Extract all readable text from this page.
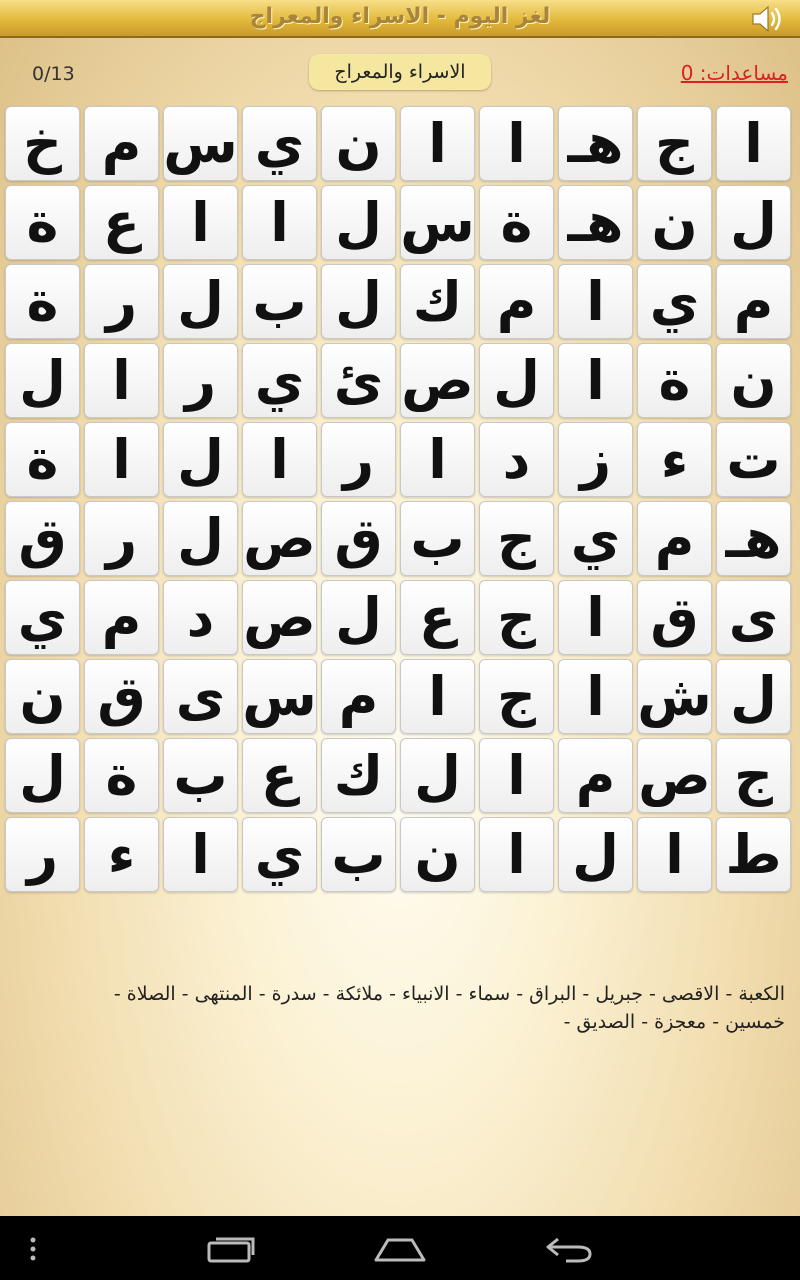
لغز اليوم - الاسراء والمعراج
0/13	الاسراء والمعراج	مساعدات: 0
خ م س ي ن ا	ا هـ ج ا
ة ع ا	ا ل س ة هـ ن ل
ة ر ل ب ل ك م ا ي م
ل ا	ر ي ئ ص ل ا ة ن
ة ا ل ا	ر	ا	د ز ء ت
ق ر ل ص ق ب ج ي م هـ
ي م د ص ل ع ج ا ق ى
ن ق ى س م ا ج ا ش ل
ل ة ب ع ك ل ا م ص ج
ر ء	ا ي ب ن ا ل ا ط
الكعبة - الاقصى - جبريل - البراق - سماء - الانبياء - ملائكة - سدرة - المنتهى - الصلاة -
خمسين - معجزة - الصديق -
